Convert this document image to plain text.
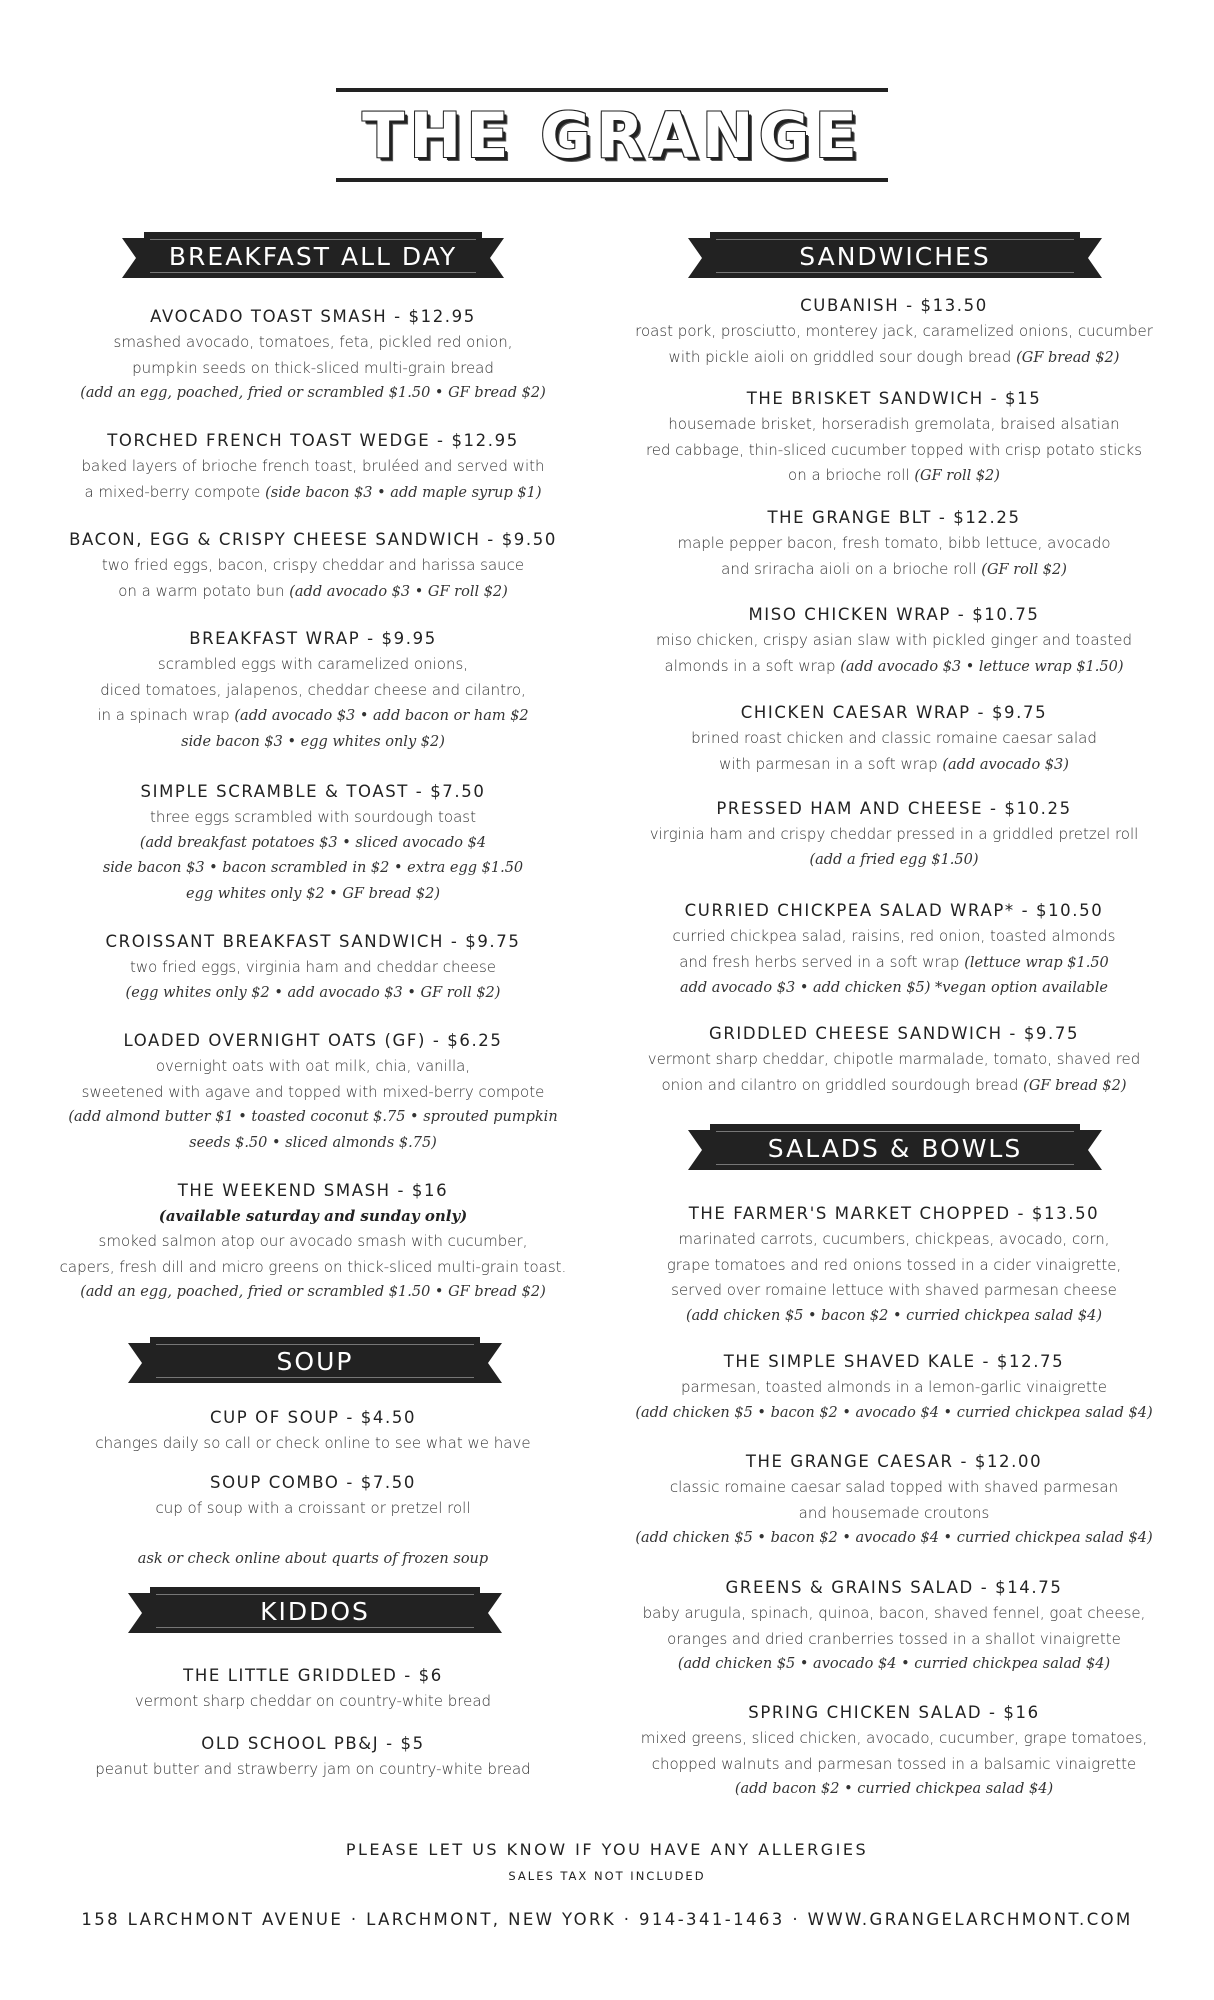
THE GRANGE
BREAKFAST ALL DAY	SANDWICHES
SOUP
KIDDOS
SALADS & BOWLS
AVOCADO TOAST SMASH - $12.95
smashed avocado, tomatoes, feta, pickled red onion,
pumpkin seeds on thick-sliced multi-grain bread
(add an egg, poached, fried or scrambled $1.50 • GF bread $2)
TORCHED FRENCH TOAST WEDGE - $12.95
baked layers of brioche french toast, bruléed and served with
a mixed-berry compote (side bacon $3 • add maple syrup $1)
BACON, EGG & CRISPY CHEESE SANDWICH - $9.50
two fried eggs, bacon, crispy cheddar and harissa sauce
on a warm potato bun (add avocado $3 • GF roll $2)
BREAKFAST WRAP - $9.95
scrambled eggs with caramelized onions,
diced tomatoes, jalapenos, cheddar cheese and cilantro,
in a spinach wrap (add avocado $3 • add bacon or ham $2
side bacon $3 • egg whites only $2)
SIMPLE SCRAMBLE & TOAST - $7.50
three eggs scrambled with sourdough toast
(add breakfast potatoes $3 • sliced avocado $4
side bacon $3 • bacon scrambled in $2 • extra egg $1.50
egg whites only $2 • GF bread $2)
CROISSANT BREAKFAST SANDWICH - $9.75
two fried eggs, virginia ham and cheddar cheese
(egg whites only $2 • add avocado $3 • GF roll $2)
LOADED OVERNIGHT OATS (GF) - $6.25
overnight oats with oat milk, chia, vanilla,
sweetened with agave and topped with mixed-berry compote
(add almond butter $1 • toasted coconut $.75 • sprouted pumpkin
seeds $.50 • sliced almonds $.75)
THE WEEKEND SMASH - $16
(available saturday and sunday only)
smoked salmon atop our avocado smash with cucumber,
capers, fresh dill and micro greens on thick-sliced multi-grain toast.
(add an egg, poached, fried or scrambled $1.50 • GF bread $2)
CUP OF SOUP - $4.50
changes daily so call or check online to see what we have
SOUP COMBO - $7.50
cup of soup with a croissant or pretzel roll
THE LITTLE GRIDDLED - $6
vermont sharp cheddar on country-white bread
OLD SCHOOL PB&J - $5
peanut butter and strawberry jam on country-white bread
CUBANISH - $13.50
roast pork, prosciutto, monterey jack, caramelized onions, cucumber
with pickle aioli on griddled sour dough bread (GF bread $2)
THE BRISKET SANDWICH - $15
housemade brisket, horseradish gremolata, braised alsatian
red cabbage, thin-sliced cucumber topped with crisp potato sticks
on a brioche roll (GF roll $2)
THE GRANGE BLT - $12.25
maple pepper bacon, fresh tomato, bibb lettuce, avocado
and sriracha aioli on a brioche roll (GF roll $2)
MISO CHICKEN WRAP - $10.75
miso chicken, crispy asian slaw with pickled ginger and toasted
almonds in a soft wrap (add avocado $3 • lettuce wrap $1.50)
CHICKEN CAESAR WRAP - $9.75
brined roast chicken and classic romaine caesar salad
with parmesan in a soft wrap (add avocado $3)
PRESSED HAM AND CHEESE - $10.25
virginia ham and crispy cheddar pressed in a griddled pretzel roll
(add a fried egg $1.50)
CURRIED CHICKPEA SALAD WRAP* - $10.50
curried chickpea salad, raisins, red onion, toasted almonds
and fresh herbs served in a soft wrap (lettuce wrap $1.50
add avocado $3 • add chicken $5) *vegan option available
GRIDDLED CHEESE SANDWICH - $9.75
vermont sharp cheddar, chipotle marmalade, tomato, shaved red
onion and cilantro on griddled sourdough bread (GF bread $2)
THE FARMER'S MARKET CHOPPED - $13.50
marinated carrots, cucumbers, chickpeas, avocado, corn,
grape tomatoes and red onions tossed in a cider vinaigrette,
served over romaine lettuce with shaved parmesan cheese
(add chicken $5 • bacon $2 • curried chickpea salad $4)
THE SIMPLE SHAVED KALE - $12.75
parmesan, toasted almonds in a lemon-garlic vinaigrette
(add chicken $5 • bacon $2 • avocado $4 • curried chickpea salad $4)
THE GRANGE CAESAR - $12.00
classic romaine caesar salad topped with shaved parmesan
and housemade croutons
(add chicken $5 • bacon $2 • avocado $4 • curried chickpea salad $4)
GREENS & GRAINS SALAD - $14.75
baby arugula, spinach, quinoa, bacon, shaved fennel, goat cheese,
oranges and dried cranberries tossed in a shallot vinaigrette
(add chicken $5 • avocado $4 • curried chickpea salad $4)
SPRING CHICKEN SALAD - $16
mixed greens, sliced chicken, avocado, cucumber, grape tomatoes,
chopped walnuts and parmesan tossed in a balsamic vinaigrette
(add bacon $2 • curried chickpea salad $4)
ask or check online about quarts of frozen soup
PLEASE LET US KNOW IF YOU HAVE ANY ALLERGIES
SALES TAX NOT INCLUDED
158 LARCHMONT AVENUE · LARCHMONT, NEW YORK · 914-341-1463 · WWW.GRANGELARCHMONT.COM
